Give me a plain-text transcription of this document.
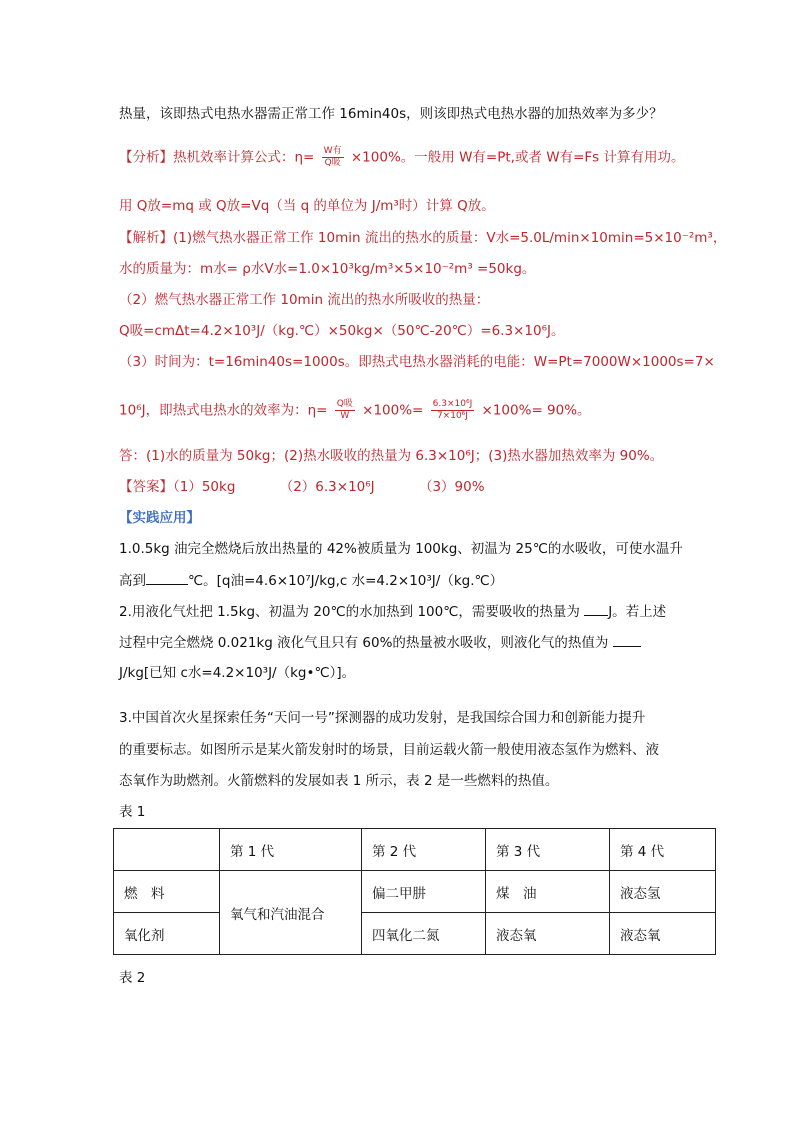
热量，该即热式电热水器需正常工作 16min40s，则该即热式电热水器的加热效率为多少？
【分析】热机效率计算公式：$\eta= \frac{\text{W有}}{\text{Q吸}} \times 100\%$。一般用 W有=Pt,或者 W有=Fs 计算有用功。
用 Q放=mq 或 Q放=Vq（当 q 的单位为 J/m³时）计算 Q放。
【解析】(1)燃气热水器正常工作 10min 流出的热水的质量：V水=5.0L/min×10min=5×10⁻²m³，
水的质量为：m水= ρ水V水=1.0×10³kg/m³×5×10⁻²m³ =50kg。
（2）燃气热水器正常工作 10min 流出的热水所吸收的热量：
Q吸=cmΔt=4.2×10³J/（kg.℃）×50kg×（50℃-20℃）=6.3×10⁶J。
（3）时间为：t=16min40s=1000s。即热式电热水器消耗的电能：W=Pt=7000W×1000s=7×
10⁶J，即热式电热水的效率为：$\eta= \frac{\text{Q吸}}{W} \times 100\%= \frac{\text{6.3×10⁶J}}{\text{7×10⁶J}} \times 100\%= 90\%$。
答：(1)水的质量为 50kg；(2)热水吸收的热量为 6.3×10⁶J；(3)热水器加热效率为 90%。
【答案】（1）50kg	（2）6.3×10⁶J	（3）90%
【实践应用】
1.0.5kg 油完全燃烧后放出热量的 42%被质量为 100kg、初温为 25℃的水吸收，可使水温升
高到	℃。[q油=4.6×10⁷J/kg,c 水=4.2×10³J/（kg.℃）
2.用液化气灶把 1.5kg、初温为 20℃的水加热到 100℃，需要吸收的热量为 J。若上述
过程中完全燃烧 0.021kg 液化气且只有 60%的热量被水吸收，则液化气的热值为
J/kg[已知 c水=4.2×10³J/（kg•℃）]。
3.中国首次火星探索任务“天问一号”探测器的成功发射，是我国综合国力和创新能力提升
的重要标志。如图所示是某火箭发射时的场景，目前运载火箭一般使用液态氢作为燃料、液
态氧作为助燃剂。火箭燃料的发展如表 1 所示，表 2 是一些燃料的热值。
表 1
	第 1 代	第 2 代	第 3 代	第 4 代
燃　料	氧气和汽油混合	偏二甲肼	煤　油	液态氢
氧化剂		四氧化二氮	液态氧	液态氧
表 2
